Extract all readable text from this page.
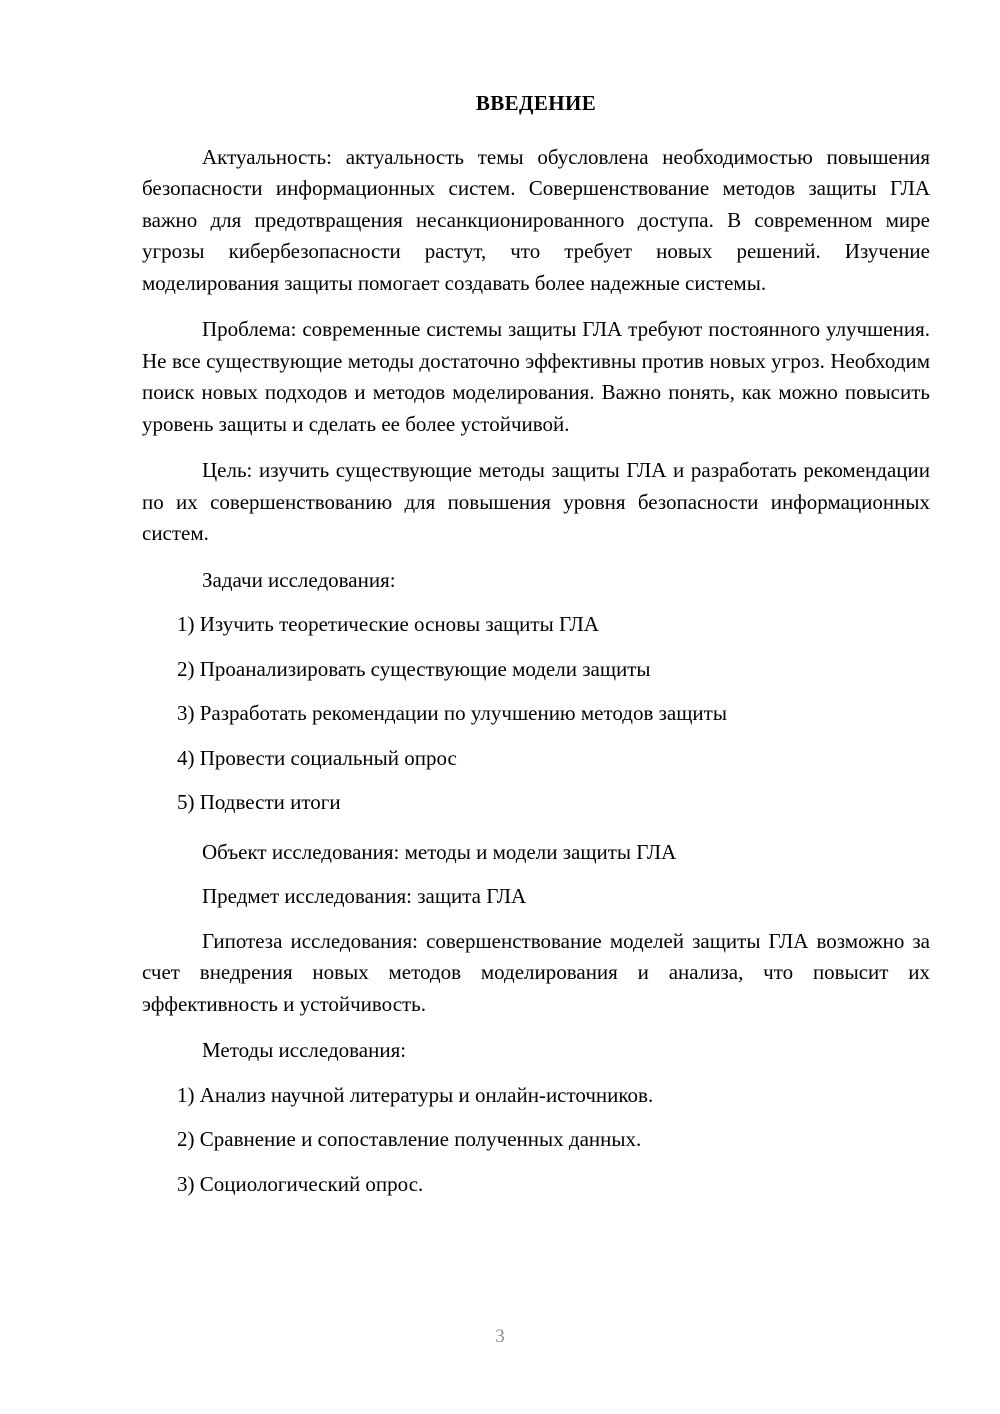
ВВЕДЕНИЕ

Актуальность: актуальность темы обусловлена необходимостью повышения безопасности информационных систем. Совершенствование методов защиты ГЛА важно для предотвращения несанкционированного доступа. В современном мире угрозы кибербезопасности растут, что требует новых решений. Изучение моделирования защиты помогает создавать более надежные системы.

Проблема: современные системы защиты ГЛА требуют постоянного улучшения. Не все существующие методы достаточно эффективны против новых угроз. Необходим поиск новых подходов и методов моделирования. Важно понять, как можно повысить уровень защиты и сделать ее более устойчивой.

Цель: изучить существующие методы защиты ГЛА и разработать рекомендации по их совершенствованию для повышения уровня безопасности информационных систем.

Задачи исследования:

1) Изучить теоретические основы защиты ГЛА
2) Проанализировать существующие модели защиты
3) Разработать рекомендации по улучшению методов защиты
4) Провести социальный опрос
5) Подвести итоги

Объект исследования: методы и модели защиты ГЛА

Предмет исследования: защита ГЛА

Гипотеза исследования: совершенствование моделей защиты ГЛА возможно за счет внедрения новых методов моделирования и анализа, что повысит их эффективность и устойчивость.

Методы исследования:

1) Анализ научной литературы и онлайн-источников.
2) Сравнение и сопоставление полученных данных.
3) Социологический опрос.
3
